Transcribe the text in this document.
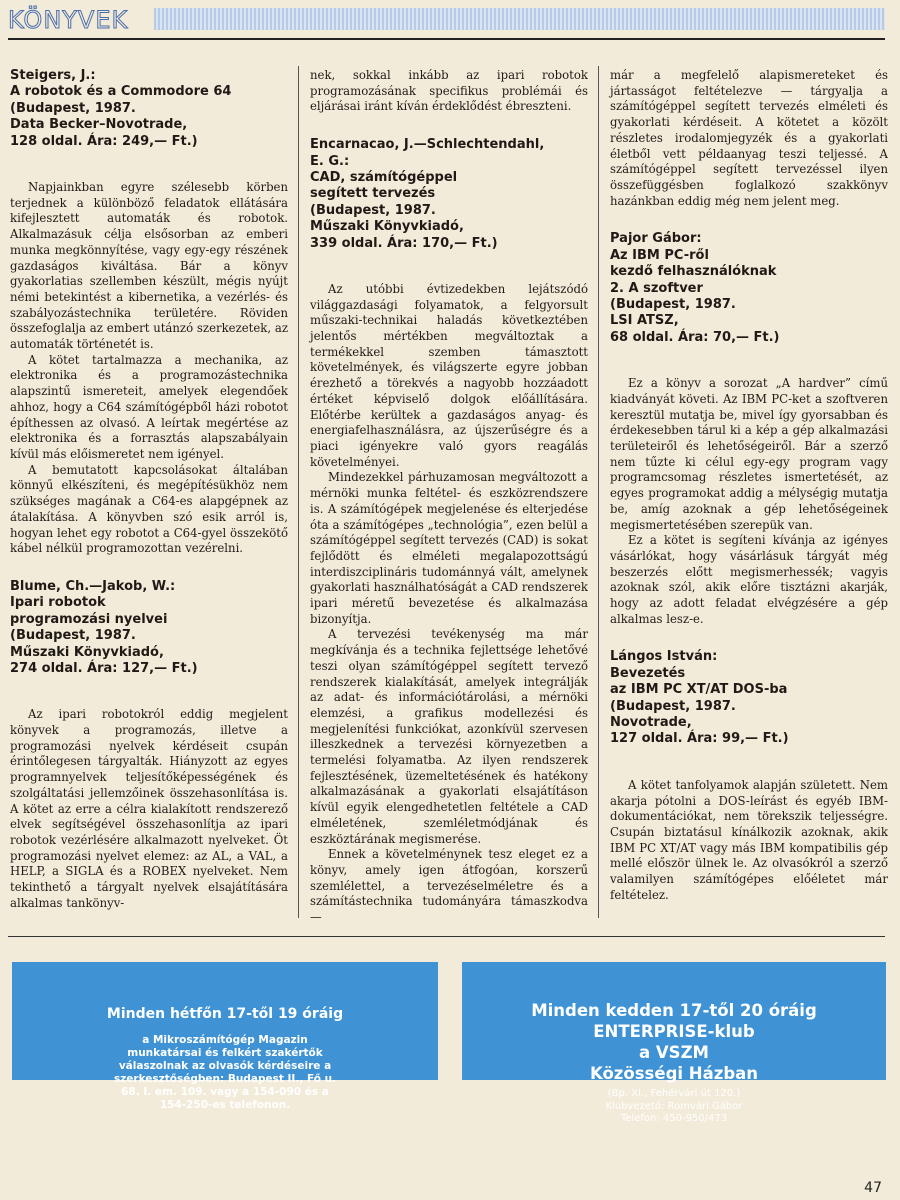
KÖNYVEK
Steigers, J.:
A robotok és a Commodore 64
(Budapest, 1987.
Data Becker–Novotrade,
128 oldal. Ára: 249,— Ft.)

Napjainkban egyre szélesebb körben terjednek a különböző feladatok ellátására kifejlesztett automaták és robotok. Alkalmazásuk célja elsősorban az emberi munka megkönnyítése, vagy egy-egy részének gazdaságos kiváltása. Bár a könyv gyakorlatias szellemben készült, mégis nyújt némi betekintést a kibernetika, a vezérlés- és szabályozástechnika területére. Röviden összefoglalja az embert utánzó szerkezetek, az automaták történetét is.

A kötet tartalmazza a mechanika, az elektronika és a programozástechnika alapszintű ismereteit, amelyek elegendőek ahhoz, hogy a C64 számítógépből házi robotot építhessen az olvasó. A leírtak megértése az elektronika és a forrasztás alapszabályain kívül más előismeretet nem igényel.

A bemutatott kapcsolásokat általában könnyű elkészíteni, és megépítésükhöz nem szükséges magának a C64-es alapgépnek az átalakítása. A könyvben szó esik arról is, hogyan lehet egy robotot a C64-gyel összekötő kábel nélkül programozottan vezérelni.

Blume, Ch.—Jakob, W.:
Ipari robotok
programozási nyelvei
(Budapest, 1987.
Műszaki Könyvkiadó,
274 oldal. Ára: 127,— Ft.)

Az ipari robotokról eddig megjelent könyvek a programozás, illetve a programozási nyelvek kérdéseit csupán érintőlegesen tárgyalták. Hiányzott az egyes programnyelvek teljesítőképességének és szolgáltatási jellemzőinek összehasonlítása is. A kötet az erre a célra kialakított rendszerező elvek segítségével összehasonlítja az ipari robotok vezérlésére alkalmazott nyelveket. Öt programozási nyelvet elemez: az AL, a VAL, a HELP, a SIGLA és a ROBEX nyelveket. Nem tekinthető a tárgyalt nyelvek elsajátítására alkalmas tankönyv-

nek, sokkal inkább az ipari robotok programozásának specifikus problémái és eljárásai iránt kíván érdeklődést ébreszteni.

Encarnacao, J.—Schlechtendahl,
E. G.:
CAD, számítógéppel
segített tervezés
(Budapest, 1987.
Műszaki Könyvkiadó,
339 oldal. Ára: 170,— Ft.)

Az utóbbi évtizedekben lejátszódó világgazdasági folyamatok, a felgyorsult műszaki-technikai haladás következtében jelentős mértékben megváltoztak a termékekkel szemben támasztott követelmények, és világszerte egyre jobban érezhető a törekvés a nagyobb hozzáadott értéket képviselő dolgok előállítására. Előtérbe kerültek a gazdaságos anyag- és energiafelhasználásra, az újszerűségre és a piaci igényekre való gyors reagálás követelményei.

Mindezekkel párhuzamosan megváltozott a mérnöki munka feltétel- és eszközrendszere is. A számítógépek megjelenése és elterjedése óta a számítógépes „technológia”, ezen belül a számítógéppel segített tervezés (CAD) is sokat fejlődött és elméleti megalapozottságú interdiszciplináris tudománnyá vált, amelynek gyakorlati használhatóságát a CAD rendszerek ipari méretű bevezetése és alkalmazása bizonyítja.

A tervezési tevékenység ma már megkívánja és a technika fejlettsége lehetővé teszi olyan számítógéppel segített tervező rendszerek kialakítását, amelyek integrálják az adat- és információtárolási, a mérnöki elemzési, a grafikus modellezési és megjelenítési funkciókat, azonkívül szervesen illeszkednek a tervezési környezetben a termelési folyamatba. Az ilyen rendszerek fejlesztésének, üzemeltetésének és hatékony alkalmazásának a gyakorlati elsajátításon kívül egyik elengedhetetlen feltétele a CAD elméletének, szemléletmódjának és eszköztárának megismerése.

Ennek a követelménynek tesz eleget ez a könyv, amely igen átfogóan, korszerű szemlélettel, a tervezéselméletre és a számítástechnika tudományára támaszkodva —

már a megfelelő alapismereteket és jártasságot feltételezve — tárgyalja a számítógéppel segített tervezés elméleti és gyakorlati kérdéseit. A kötetet a közölt részletes irodalomjegyzék és a gyakorlati életből vett példaanyag teszi teljessé. A számítógéppel segített tervezéssel ilyen összefüggésben foglalkozó szakkönyv hazánkban eddig még nem jelent meg.

Pajor Gábor:
Az IBM PC-ről
kezdő felhasználóknak
2. A szoftver
(Budapest, 1987.
LSI ATSZ,
68 oldal. Ára: 70,— Ft.)

Ez a könyv a sorozat „A hardver” című kiadványát követi. Az IBM PC-ket a szoftveren keresztül mutatja be, mivel így gyorsabban és érdekesebben tárul ki a kép a gép alkalmazási területeiről és lehetőségeiről. Bár a szerző nem tűzte ki célul egy-egy program vagy programcsomag részletes ismertetését, az egyes programokat addig a mélységig mutatja be, amíg azoknak a gép lehetőségeinek megismertetésében szerepük van.

Ez a kötet is segíteni kívánja az igényes vásárlókat, hogy vásárlásuk tárgyát még beszerzés előtt megismerhessék; vagyis azoknak szól, akik előre tisztázni akarják, hogy az adott feladat elvégzésére a gép alkalmas lesz-e.

Lángos István:
Bevezetés
az IBM PC XT/AT DOS-ba
(Budapest, 1987.
Novotrade,
127 oldal. Ára: 99,— Ft.)

A kötet tanfolyamok alapján született. Nem akarja pótolni a DOS-leírást és egyéb IBM-dokumentációkat, nem törekszik teljességre. Csupán biztatásul kínálkozik azoknak, akik IBM PC XT/AT vagy más IBM kompatibilis gép mellé először ülnek le. Az olvasókról a szerző valamilyen számítógépes előéletet már feltételez.

Minden hétfőn 17-től 19 óráig
a Mikroszámítógép Magazin
munkatársai és felkért szakértők
válaszolnak az olvasók kérdéseire a
szerkesztőségben: Budapest II., Fő u.
68. I. em. 109. vagy a 154-090 és a
154-250-es telefonon.
Minden kedden 17-től 20 óráig
ENTERPRISE-klub
a VSZM
Közösségi Házban
(Bp. XI., Fehérvári út 120.)
Klubvezető: Romvári Gábor
Telefon: 450-950/473
47
